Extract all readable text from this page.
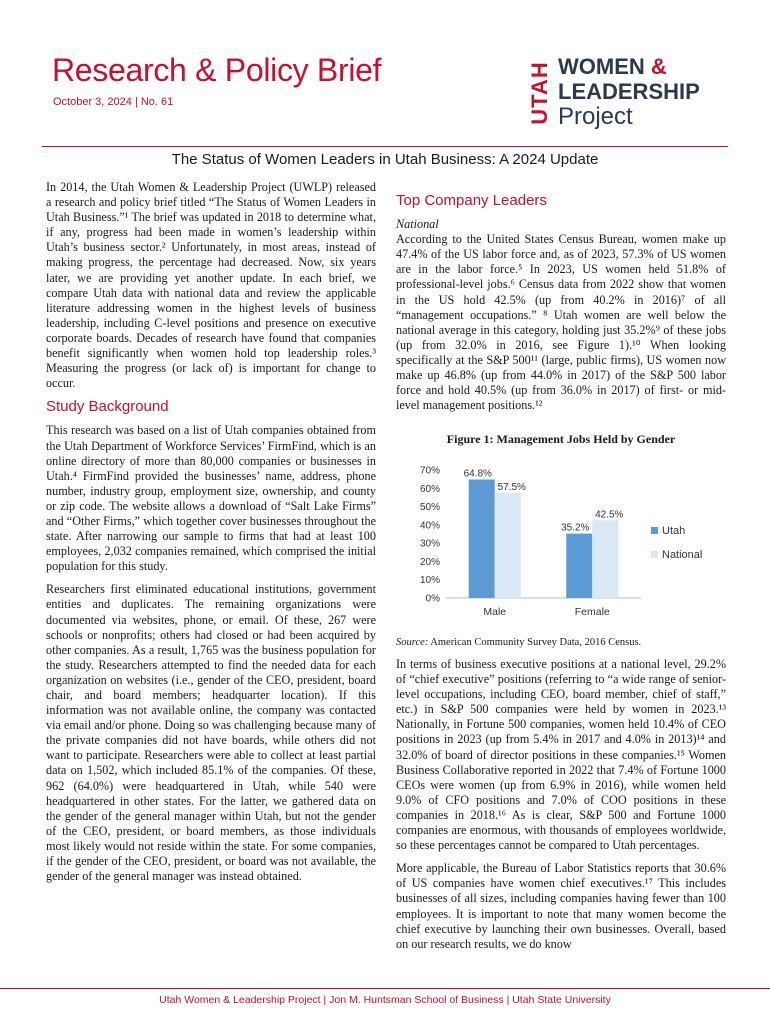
Research & Policy Brief
October 3, 2024 | No. 61	UTAH WOMEN &
LEADERSHIP
Project
The Status of Women Leaders in Utah Business: A 2024 Update

In 2014, the Utah Women & Leadership Project (UWLP) released a research and policy brief titled “The Status of Women Leaders in Utah Business.”¹ The brief was updated in 2018 to determine what, if any, progress had been made in women’s leadership within Utah’s business sector.² Unfortunately, in most areas, instead of making progress, the percentage had decreased. Now, six years later, we are providing yet another update. In each brief, we compare Utah data with national data and review the applicable literature addressing women in the highest levels of business leadership, including C-level positions and presence on executive corporate boards. Decades of research have found that companies benefit significantly when women hold top leadership roles.³ Measuring the progress (or lack of) is important for change to occur.

Study Background

This research was based on a list of Utah companies obtained from the Utah Department of Workforce Services’ FirmFind, which is an online directory of more than 80,000 companies or businesses in Utah.⁴ FirmFind provided the businesses’ name, address, phone number, industry group, employment size, ownership, and county or zip code. The website allows a download of “Salt Lake Firms” and “Other Firms,” which together cover businesses throughout the state. After narrowing our sample to firms that had at least 100 employees, 2,032 companies remained, which comprised the initial population for this study.

Researchers first eliminated educational institutions, government entities and duplicates. The remaining organizations were documented via websites, phone, or email. Of these, 267 were schools or nonprofits; others had closed or had been acquired by other companies. As a result, 1,765 was the business population for the study. Researchers attempted to find the needed data for each organization on websites (i.e., gender of the CEO, president, board chair, and board members; headquarter location). If this information was not available online, the company was contacted via email and/or phone. Doing so was challenging because many of the private companies did not have boards, while others did not want to participate. Researchers were able to collect at least partial data on 1,502, which included 85.1% of the companies. Of these, 962 (64.0%) were headquartered in Utah, while 540 were headquartered in other states. For the latter, we gathered data on the gender of the general manager within Utah, but not the gender of the CEO, president, or board members, as those individuals most likely would not reside within the state. For some companies, if the gender of the CEO, president, or board was not available, the gender of the general manager was instead obtained.

Top Company Leaders
National

According to the United States Census Bureau, women make up 47.4% of the US labor force and, as of 2023, 57.3% of US women are in the labor force.⁵ In 2023, US women held 51.8% of professional-level jobs.⁶ Census data from 2022 show that women in the US hold 42.5% (up from 40.2% in 2016)⁷ of all “management occupations.” ⁸ Utah women are well below the national average in this category, holding just 35.2%⁹ of these jobs (up from 32.0% in 2016, see Figure 1).¹⁰ When looking specifically at the S&P 500¹¹ (large, public firms), US women now make up 46.8% (up from 44.0% in 2017) of the S&P 500 labor force and hold 40.5% (up from 36.0% in 2017) of first- or mid-level management positions.¹²

Figure 1: Management Jobs Held by Gender
0%
10%
20%
30%
40%
50%
60%
70% 64.8%
57.5%
Male
35.2%
42.5%
Female
Utah
National
Source: American Community Survey Data, 2016 Census.

In terms of business executive positions at a national level, 29.2% of “chief executive” positions (referring to “a wide range of senior-level occupations, including CEO, board member, chief of staff,” etc.) in S&P 500 companies were held by women in 2023.¹³ Nationally, in Fortune 500 companies, women held 10.4% of CEO positions in 2023 (up from 5.4% in 2017 and 4.0% in 2013)¹⁴ and 32.0% of board of director positions in these companies.¹⁵ Women Business Collaborative reported in 2022 that 7.4% of Fortune 1000 CEOs were women (up from 6.9% in 2016), while women held 9.0% of CFO positions and 7.0% of COO positions in these companies in 2018.¹⁶ As is clear, S&P 500 and Fortune 1000 companies are enormous, with thousands of employees worldwide, so these percentages cannot be compared to Utah percentages.

More applicable, the Bureau of Labor Statistics reports that 30.6% of US companies have women chief executives.¹⁷ This includes businesses of all sizes, including companies having fewer than 100 employees. It is important to note that many women become the chief executive by launching their own businesses. Overall, based on our research results, we do know

Utah Women & Leadership Project | Jon M. Huntsman School of Business | Utah State University
